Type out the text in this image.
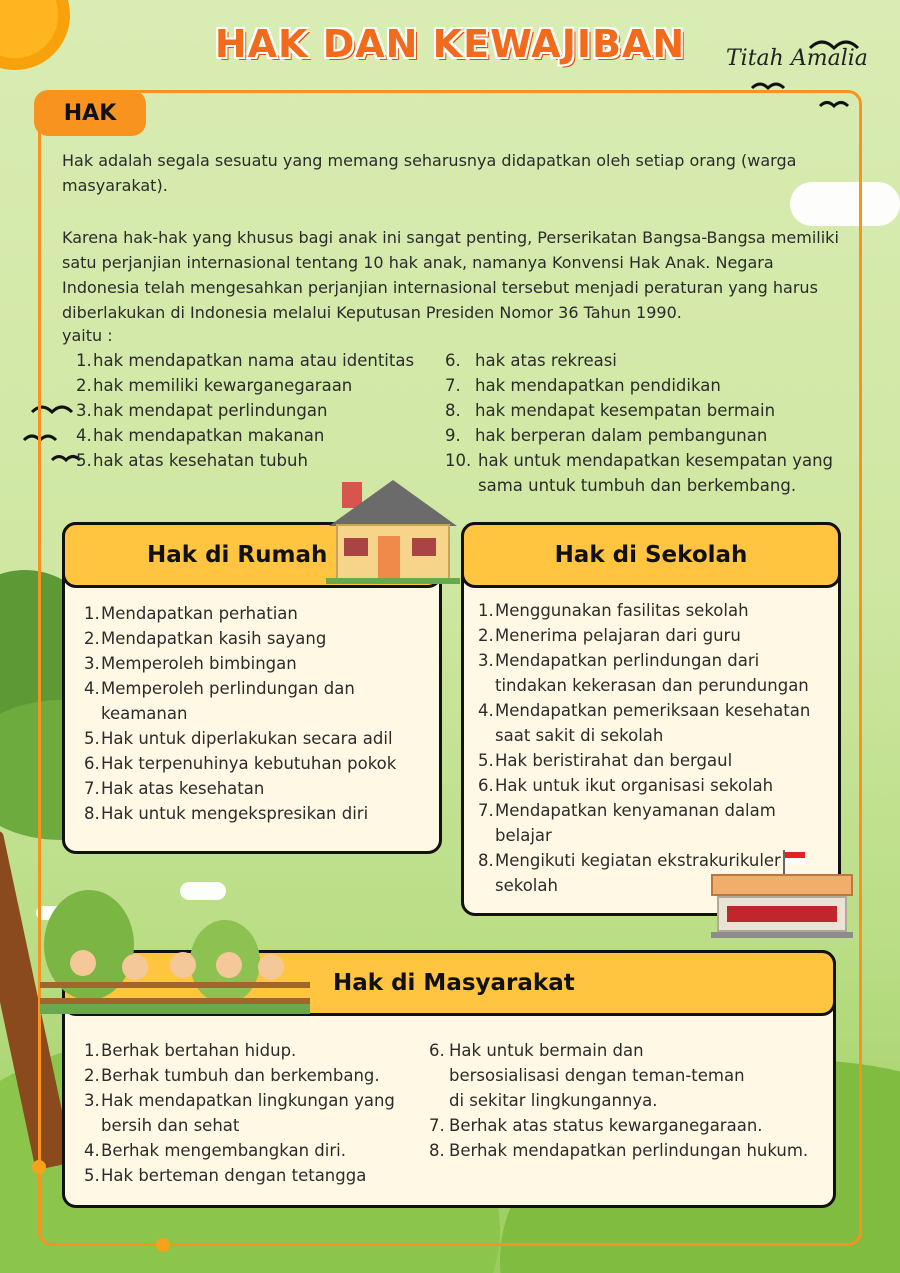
HAK DAN KEWAJIBAN	Titah Amalia
HAK

Hak adalah segala sesuatu yang memang seharusnya didapatkan oleh setiap orang (warga masyarakat).

Karena hak-hak yang khusus bagi anak ini sangat penting, Perserikatan Bangsa-Bangsa memiliki satu perjanjian internasional tentang 10 hak anak, namanya Konvensi Hak Anak. Negara Indonesia telah mengesahkan perjanjian internasional tersebut menjadi peraturan yang harus diberlakukan di Indonesia melalui Keputusan Presiden Nomor 36 Tahun 1990.

yaitu :

1. hak mendapatkan nama atau identitas
2. hak memiliki kewarganegaraan
3. hak mendapat perlindungan
4. hak mendapatkan makanan
5. hak atas kesehatan tubuh
6. hak atas rekreasi
7. hak mendapatkan pendidikan
8. hak mendapat kesempatan bermain
9. hak berperan dalam pembangunan
10. hak untuk mendapatkan kesempatan yang sama untuk tumbuh dan berkembang.
Hak di Rumah
1. Mendapatkan perhatian
2. Mendapatkan kasih sayang
3. Memperoleh bimbingan
4. Memperoleh perlindungan dan keamanan
5. Hak untuk diperlakukan secara adil
6. Hak terpenuhinya kebutuhan pokok
7. Hak atas kesehatan
8. Hak untuk mengekspresikan diri
Hak di Sekolah
1. Menggunakan fasilitas sekolah
2. Menerima pelajaran dari guru
3. Mendapatkan perlindungan dari tindakan kekerasan dan perundungan
4. Mendapatkan pemeriksaan kesehatan saat sakit di sekolah
5. Hak beristirahat dan bergaul
6. Hak untuk ikut organisasi sekolah
7. Mendapatkan kenyamanan dalam belajar
8. Mengikuti kegiatan ekstrakurikuler sekolah
Hak di Masyarakat
1. Berhak bertahan hidup.
2. Berhak tumbuh dan berkembang.
3. Hak mendapatkan lingkungan yang bersih dan sehat
4. Berhak mengembangkan diri.
5. Hak berteman dengan tetangga
6. Hak untuk bermain dan bersosialisasi dengan teman-teman di sekitar lingkungannya.
7. Berhak atas status kewarganegaraan.
8. Berhak mendapatkan perlindungan hukum.
